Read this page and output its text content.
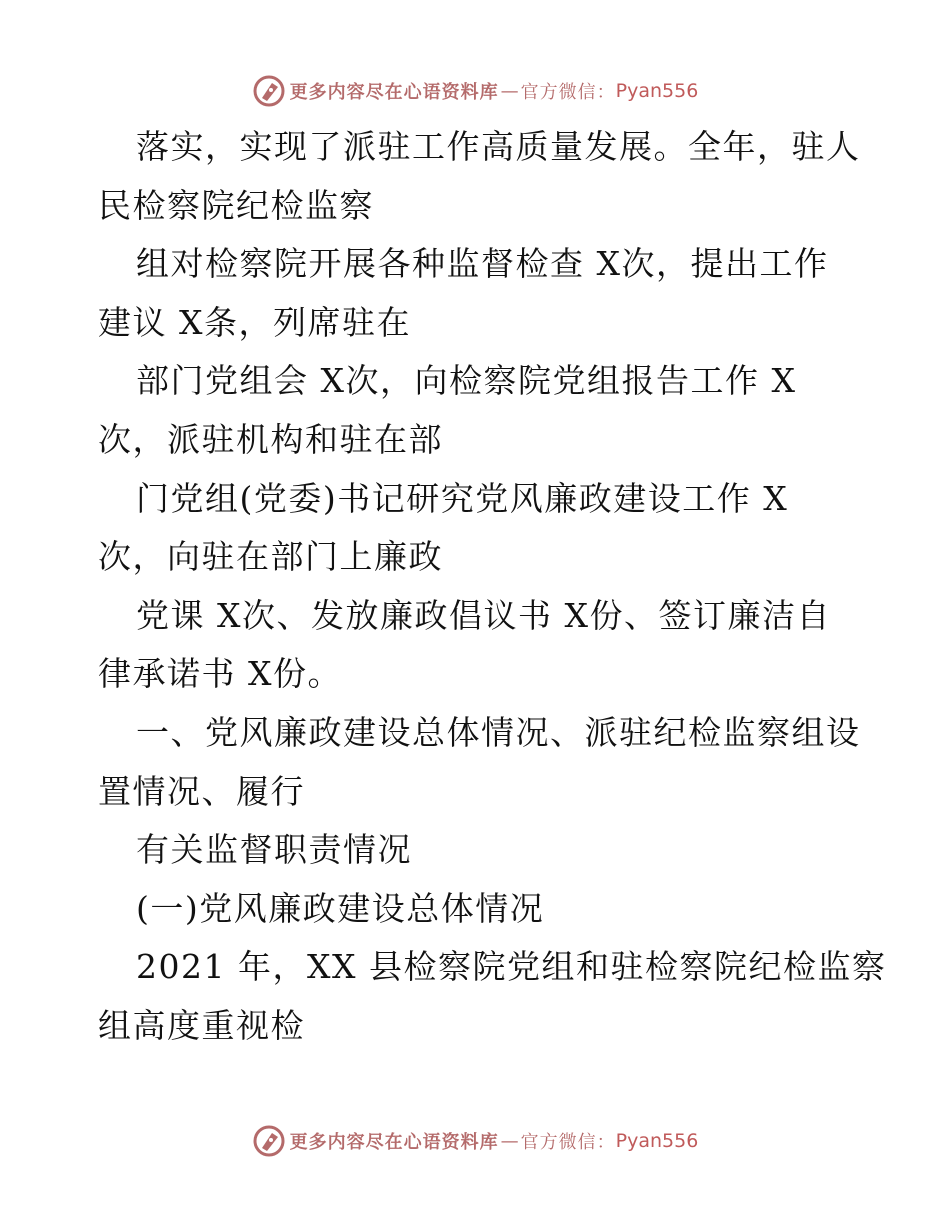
更多内容尽在心语资料库 — 官方微信： Pyan556
落实，实现了派驻工作高质量发展。全年，驻人
民检察院纪检监察
组对检察院开展各种监督检查 X次，提出工作
建议 X条，列席驻在
部门党组会 X次，向检察院党组报告工作 X
次，派驻机构和驻在部
门党组(党委)书记研究党风廉政建设工作 X
次，向驻在部门上廉政
党课 X次、发放廉政倡议书 X份、签订廉洁自
律承诺书 X份。
一、党风廉政建设总体情况、派驻纪检监察组设
置情况、履行
有关监督职责情况
(一)党风廉政建设总体情况
2021 年，XX 县检察院党组和驻检察院纪检监察
组高度重视检
更多内容尽在心语资料库 — 官方微信： Pyan556
